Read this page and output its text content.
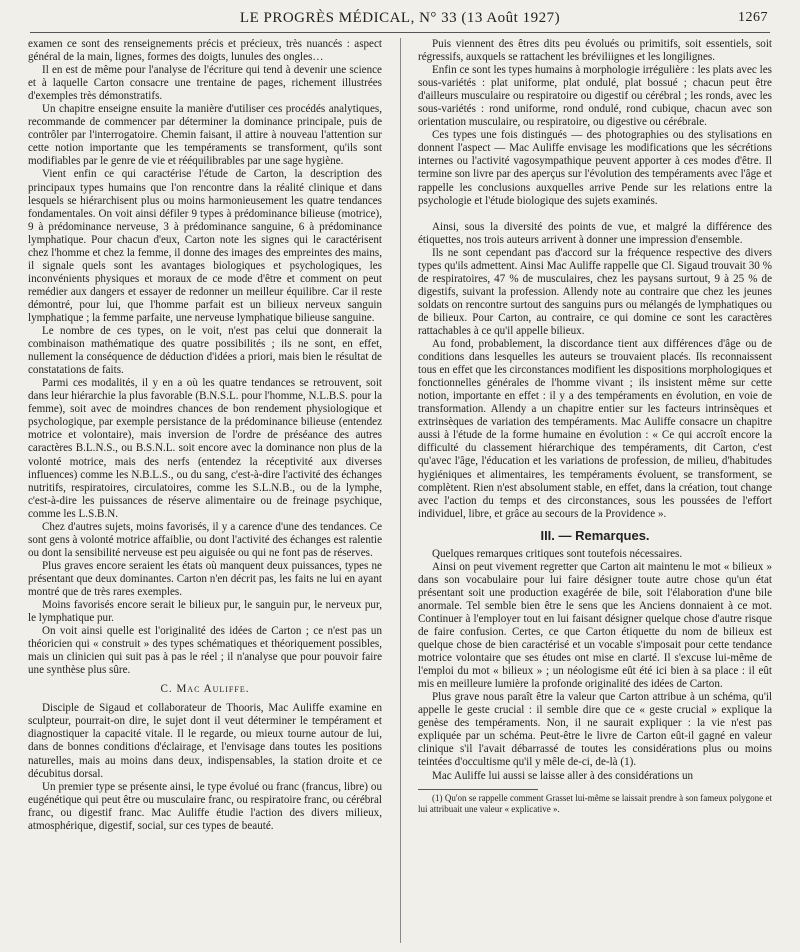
LE PROGRÈS MÉDICAL, N° 33 (13 Août 1927)	1267

examen ce sont des renseignements précis et précieux, très nuancés : aspect général de la main, lignes, formes des doigts, lunules des ongles…

Il en est de même pour l'analyse de l'écriture qui tend à devenir une science et à laquelle Carton consacre une trentaine de pages, richement illustrées d'exemples très démonstratifs.

Un chapitre enseigne ensuite la manière d'utiliser ces procédés analytiques, recommande de commencer par déterminer la dominance principale, puis de contrôler par l'interrogatoire. Chemin faisant, il attire à nouveau l'attention sur cette notion importante que les tempéraments se transforment, qu'ils sont modifiables par le genre de vie et rééquilibrables par une sage hygiène.

Vient enfin ce qui caractérise l'étude de Carton, la description des principaux types humains que l'on rencontre dans la réalité clinique et dans lesquels se hiérarchisent plus ou moins harmonieusement les quatre tendances fondamentales. On voit ainsi défiler 9 types à prédominance bilieuse (motrice), 9 à prédominance nerveuse, 3 à prédominance sanguine, 6 à prédominance lymphatique. Pour chacun d'eux, Carton note les signes qui le caractérisent chez l'homme et chez la femme, il donne des images des empreintes des mains, il signale quels sont les avantages biologiques et psychologiques, les inconvénients physiques et moraux de ce mode d'être et comment on peut remédier aux dangers et essayer de redonner un meilleur équilibre. Car il reste démontré, pour lui, que l'homme parfait est un bilieux nerveux sanguin lymphatique ; la femme parfaite, une nerveuse lymphatique bilieuse sanguine.

Le nombre de ces types, on le voit, n'est pas celui que donnerait la combinaison mathématique des quatre possibilités ; ils ne sont, en effet, nullement la conséquence de déduction d'idées a priori, mais bien le résultat de constatations de faits.

Parmi ces modalités, il y en a où les quatre tendances se retrouvent, soit dans leur hiérarchie la plus favorable (B.N.S.L. pour l'homme, N.L.B.S. pour la femme), soit avec de moindres chances de bon rendement physiologique et psychologique, par exemple persistance de la prédominance bilieuse (entendez motrice et volontaire), mais inversion de l'ordre de préséance des autres caractères B.L.N.S., ou B.S.N.L. soit encore avec la dominance non plus de la volonté motrice, mais des nerfs (entendez la réceptivité aux diverses influences) comme les N.B.L.S., ou du sang, c'est-à-dire l'activité des échanges nutritifs, respiratoires, circulatoires, comme les S.L.N.B., ou de la lymphe, c'est-à-dire les puissances de réserve alimentaire ou de freinage psychique, comme les L.S.B.N.

Chez d'autres sujets, moins favorisés, il y a carence d'une des tendances. Ce sont gens à volonté motrice affaiblie, ou dont l'activité des échanges est ralentie ou dont la sensibilité nerveuse est peu aiguisée ou qui ne font pas de réserves.

Plus graves encore seraient les états où manquent deux puissances, types ne présentant que deux dominantes. Carton n'en décrit pas, les faits ne lui en ayant montré que de très rares exemples.

Moins favorisés encore serait le bilieux pur, le sanguin pur, le nerveux pur, le lymphatique pur.

On voit ainsi quelle est l'originalité des idées de Carton ; ce n'est pas un théoricien qui « construit » des types schématiques et théoriquement possibles, mais un clinicien qui suit pas à pas le réel ; il n'analyse que pour pouvoir faire une synthèse plus sûre.

C. Mac Auliffe.

Disciple de Sigaud et collaborateur de Thooris, Mac Auliffe examine en sculpteur, pourrait-on dire, le sujet dont il veut déterminer le tempérament et diagnostiquer la capacité vitale. Il le regarde, ou mieux tourne autour de lui, dans de bonnes conditions d'éclairage, et l'envisage dans toutes les positions naturelles, mais au moins dans deux, indispensables, la station droite et ce décubitus dorsal.

Un premier type se présente ainsi, le type évolué ou franc (francus, libre) ou eugénétique qui peut être ou musculaire franc, ou respiratoire franc, ou cérébral franc, ou digestif franc. Mac Auliffe étudie l'action des divers milieux, atmosphérique, digestif, social, sur ces types de beauté.

Puis viennent des êtres dits peu évolués ou primitifs, soit essentiels, soit régressifs, auxquels se rattachent les bréviliignes et les longilignes.

Enfin ce sont les types humains à morphologie irrégulière : les plats avec les sous-variétés : plat uniforme, plat ondulé, plat bossué ; chacun peut être d'ailleurs musculaire ou respiratoire ou digestif ou cérébral ; les ronds, avec les sous-variétés : rond uniforme, rond ondulé, rond cubique, chacun avec son orientation musculaire, ou respiratoire, ou digestive ou cérébrale.

Ces types une fois distingués — des photographies ou des stylisations en donnent l'aspect — Mac Auliffe envisage les modifications que les sécrétions internes ou l'activité vagosympathique peuvent apporter à ces modes d'être. Il termine son livre par des aperçus sur l'évolution des tempéraments avec l'âge et rappelle les conclusions auxquelles arrive Pende sur les relations entre la psychologie et l'étude biologique des sujets examinés.

Ainsi, sous la diversité des points de vue, et malgré la différence des étiquettes, nos trois auteurs arrivent à donner une impression d'ensemble.

Ils ne sont cependant pas d'accord sur la fréquence respective des divers types qu'ils admettent. Ainsi Mac Auliffe rappelle que Cl. Sigaud trouvait 30 % de respiratoires, 47 % de musculaires, chez les paysans surtout, 9 à 25 % de digestifs, suivant la profession. Allendy note au contraire que chez les jeunes soldats on rencontre surtout des sanguins purs ou mélangés de lymphatiques ou de bilieux. Pour Carton, au contraire, ce qui domine ce sont les caractères rattachables à ce qu'il appelle bilieux.

Au fond, probablement, la discordance tient aux différences d'âge ou de conditions dans lesquelles les auteurs se trouvaient placés. Ils reconnaissent tous en effet que les circonstances modifient les dispositions morphologiques et fonctionnelles générales de l'homme vivant ; ils insistent même sur cette notion, importante en effet : il y a des tempéraments en évolution, en voie de transformation. Allendy a un chapitre entier sur les facteurs intrinsèques et extrinsèques de variation des tempéraments. Mac Auliffe consacre un chapitre aussi à l'étude de la forme humaine en évolution : « Ce qui accroît encore la difficulté du classement hiérarchique des tempéraments, dit Carton, c'est qu'avec l'âge, l'éducation et les variations de profession, de milieu, d'habitudes hygiéniques et alimentaires, les tempéraments évoluent, se transforment, se complètent. Rien n'est absolument stable, en effet, dans la création, tout change avec l'action du temps et des circonstances, sous les poussées de l'effort individuel, libre, et grâce au secours de la Providence ».

III. — Remarques.

Quelques remarques critiques sont toutefois nécessaires.

Ainsi on peut vivement regretter que Carton ait maintenu le mot « bilieux » dans son vocabulaire pour lui faire désigner toute autre chose qu'un état présentant soit une production exagérée de bile, soit l'élaboration d'une bile anormale. Tel semble bien être le sens que les Anciens donnaient à ce mot. Continuer à l'employer tout en lui faisant désigner quelque chose d'autre risque de faire confusion. Certes, ce que Carton étiquette du nom de bilieux est quelque chose de bien caractérisé et un vocable s'imposait pour cette tendance motrice volontaire que ses études ont mise en clarté. Il s'excuse lui-même de l'emploi du mot « bilieux » ; un néologisme eût été ici bien à sa place : il eût mis en meilleure lumière la profonde originalité des idées de Carton.

Plus grave nous paraît être la valeur que Carton attribue à un schéma, qu'il appelle le geste crucial : il semble dire que ce « geste crucial » explique la genèse des tempéraments. Non, il ne saurait expliquer : la vie n'est pas expliquée par un schéma. Peut-être le livre de Carton eût-il gagné en valeur clinique s'il l'avait débarrassé de toutes les considérations plus ou moins teintées d'occultisme qu'il y mêle de-ci, de-là (1).

Mac Auliffe lui aussi se laisse aller à des considérations un

(1) Qu'on se rappelle comment Grasset lui-même se laissait prendre à son fameux polygone et lui attribuait une valeur « explicative ».
